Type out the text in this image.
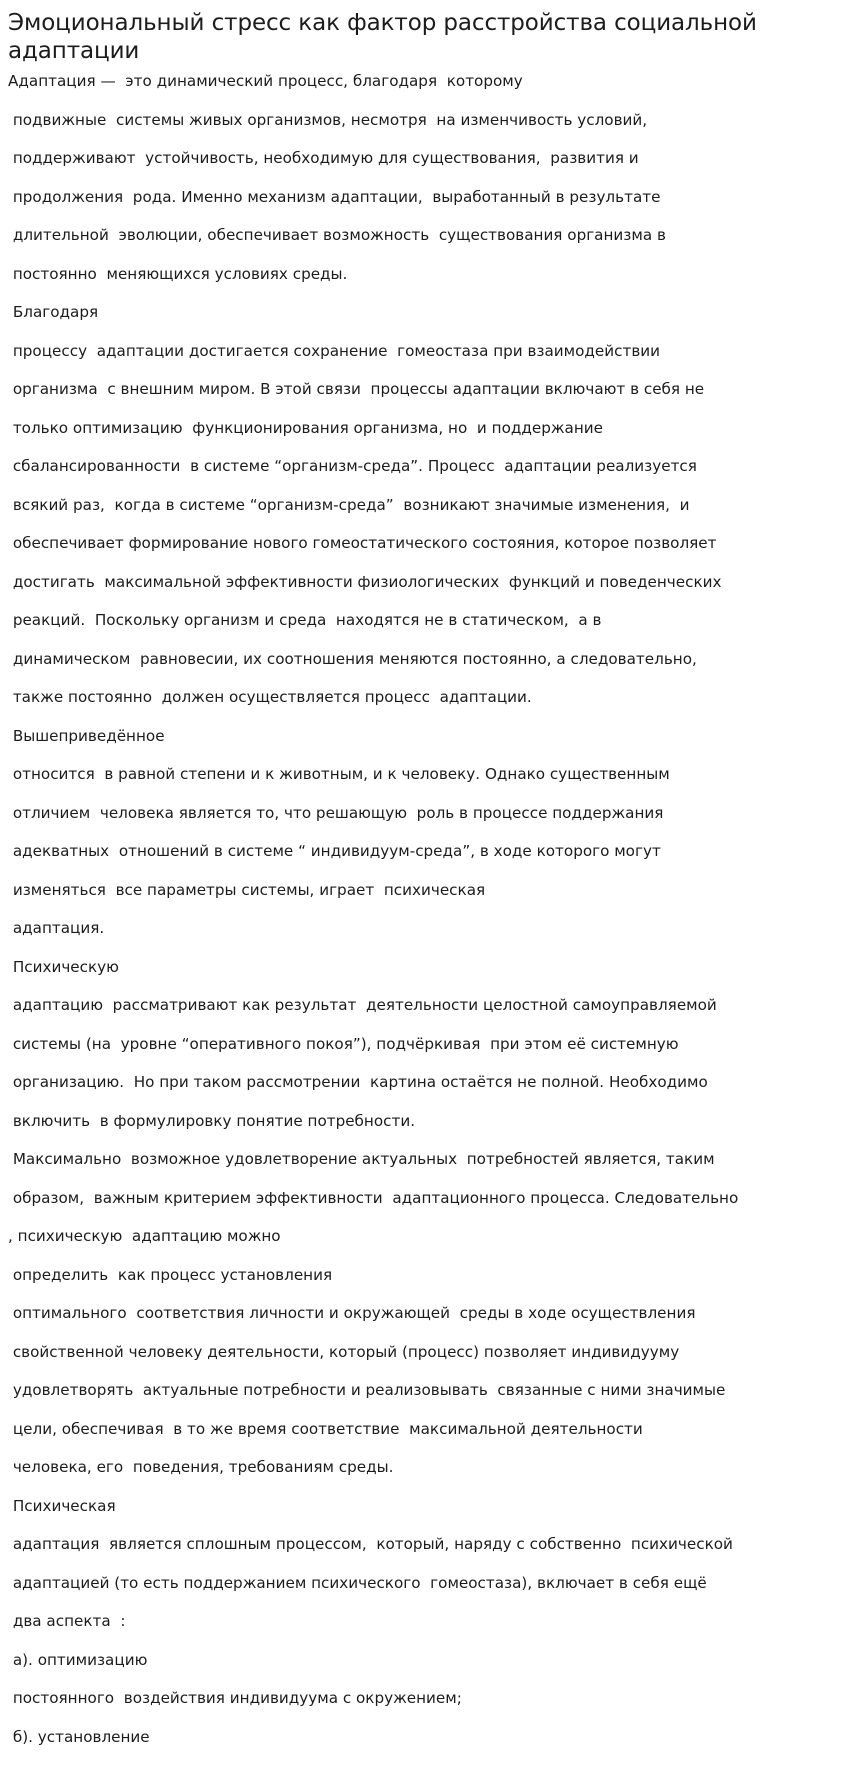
Эмоциональный стресс как фактор расстройства социальной адаптации
Адаптация —  это динамический процесс, благодаря  которому
подвижные  системы живых организмов, несмотря  на изменчивость условий,
поддерживают  устойчивость, необходимую для существования,  развития и
продолжения  рода. Именно механизм адаптации,  выработанный в результате
длительной  эволюции, обеспечивает возможность  существования организма в
постоянно  меняющихся условиях среды.
Благодаря
процессу  адаптации достигается сохранение  гомеостаза при взаимодействии
организма  с внешним миром. В этой связи  процессы адаптации включают в себя не
только оптимизацию  функционирования организма, но  и поддержание
сбалансированности  в системе “организм-среда”. Процесс  адаптации реализуется
всякий раз,  когда в системе “организм-среда”  возникают значимые изменения,  и
обеспечивает формирование нового гомеостатического состояния, которое позволяет
достигать  максимальной эффективности физиологических  функций и поведенческих
реакций.  Поскольку организм и среда  находятся не в статическом,  а в
динамическом  равновесии, их соотношения меняются постоянно, а следовательно,
также постоянно  должен осуществляется процесс  адаптации.
Вышеприведённое
относится  в равной степени и к животным, и к человеку. Однако существенным
отличием  человека является то, что решающую  роль в процессе поддержания
адекватных  отношений в системе “ индивидуум-среда”, в ходе которого могут
изменяться  все параметры системы, играет  психическая
адаптация.
Психическую
адаптацию  рассматривают как результат  деятельности целостной самоуправляемой
системы (на  уровне “оперативного покоя”), подчёркивая  при этом её системную
организацию.  Но при таком рассмотрении  картина остаётся не полной. Необходимо
включить  в формулировку понятие потребности.
Максимально  возможное удовлетворение актуальных  потребностей является, таким
образом,  важным критерием эффективности  адаптационного процесса. Следовательно
, психическую  адаптацию можно
определить  как процесс установления
оптимального  соответствия личности и окружающей  среды в ходе осуществления
свойственной человеку деятельности, который (процесс) позволяет индивидууму
удовлетворять  актуальные потребности и реализовывать  связанные с ними значимые
цели, обеспечивая  в то же время соответствие  максимальной деятельности
человека, его  поведения, требованиям среды.
Психическая
адаптация  является сплошным процессом,  который, наряду с собственно  психической
адаптацией (то есть поддержанием психического  гомеостаза), включает в себя ещё
два аспекта  :
а). оптимизацию
постоянного  воздействия индивидуума с окружением;
б). установление
